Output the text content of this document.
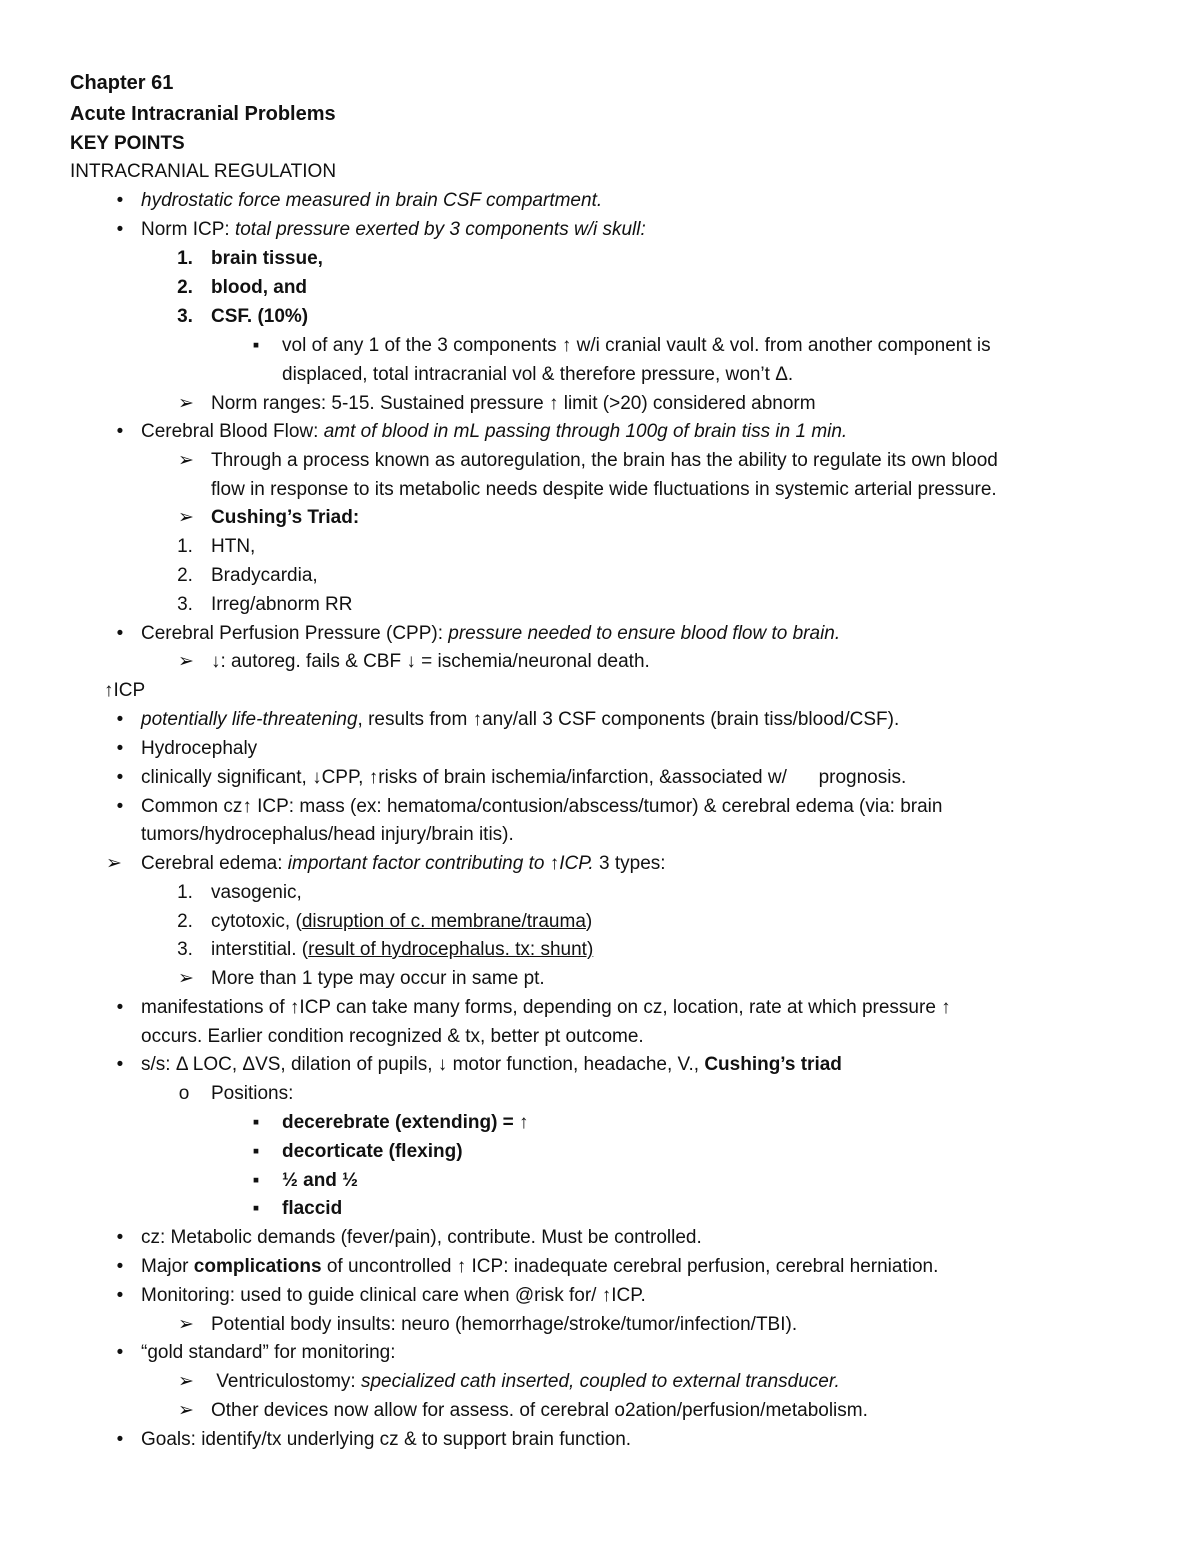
Chapter 61
Acute Intracranial Problems
KEY POINTS
INTRACRANIAL REGULATION
• hydrostatic force measured in brain CSF compartment.
• Norm ICP: total pressure exerted by 3 components w/i skull:
1. brain tissue,
2. blood, and
3. CSF. (10%)
▪ vol of any 1 of the 3 components ↑ w/i cranial vault & vol. from another component is
displaced, total intracranial vol & therefore pressure, won’t Δ.
➢ Norm ranges: 5-15. Sustained pressure ↑ limit (>20) considered abnorm
• Cerebral Blood Flow: amt of blood in mL passing through 100g of brain tiss in 1 min.
➢ Through a process known as autoregulation, the brain has the ability to regulate its own blood
flow in response to its metabolic needs despite wide fluctuations in systemic arterial pressure.
➢ Cushing’s Triad:
1. HTN,
2. Bradycardia,
3. Irreg/abnorm RR
• Cerebral Perfusion Pressure (CPP): pressure needed to ensure blood flow to brain.
➢ ↓: autoreg. fails & CBF ↓ = ischemia/neuronal death.
↑ICP
• potentially life-threatening, results from ↑any/all 3 CSF components (brain tiss/blood/CSF).
• Hydrocephaly
• clinically significant, ↓CPP, ↑risks of brain ischemia/infarction, &associated w/      prognosis.
• Common cz↑ ICP: mass (ex: hematoma/contusion/abscess/tumor) & cerebral edema (via: brain
tumors/hydrocephalus/head injury/brain itis).
➢ Cerebral edema: important factor contributing to ↑ICP. 3 types:
1. vasogenic,
2. cytotoxic, (disruption of c. membrane/trauma)
3. interstitial. (result of hydrocephalus. tx: shunt)
➢ More than 1 type may occur in same pt.
• manifestations of ↑ICP can take many forms, depending on cz, location, rate at which pressure ↑
occurs. Earlier condition recognized & tx, better pt outcome.
• s/s: Δ LOC, ΔVS, dilation of pupils, ↓ motor function, headache, V., Cushing’s triad
o Positions:
▪ decerebrate (extending) = ↑
▪ decorticate (flexing)
▪ ½ and ½
▪ flaccid
• cz: Metabolic demands (fever/pain), contribute. Must be controlled.
• Major complications of uncontrolled ↑ ICP: inadequate cerebral perfusion, cerebral herniation.
• Monitoring: used to guide clinical care when @risk for/ ↑ICP.
➢ Potential body insults: neuro (hemorrhage/stroke/tumor/infection/TBI).
• “gold standard” for monitoring:
➢ Ventriculostomy: specialized cath inserted, coupled to external transducer.
➢ Other devices now allow for assess. of cerebral o2ation/perfusion/metabolism.
• Goals: identify/tx underlying cz & to support brain function.
